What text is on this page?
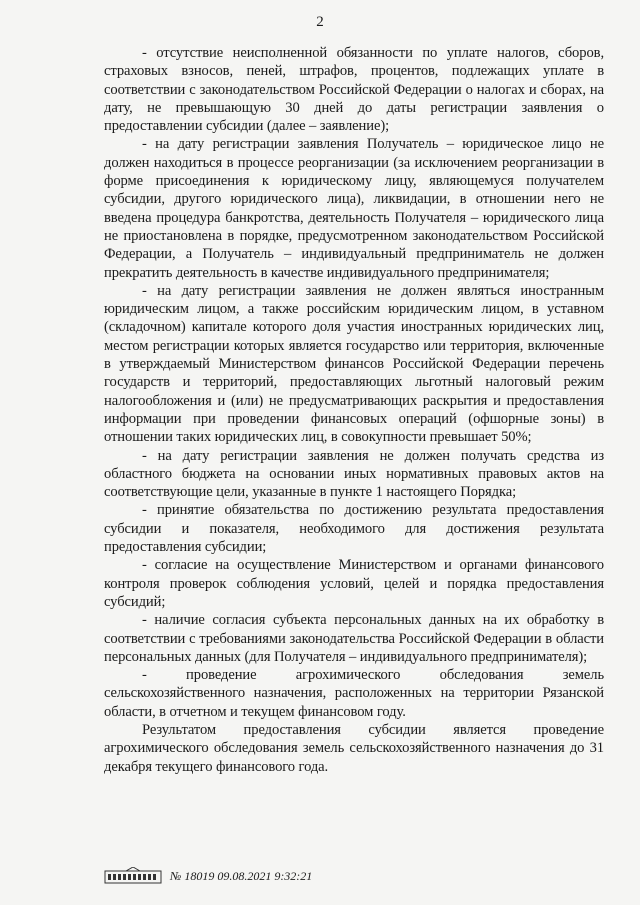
2

- отсутствие неисполненной обязанности по уплате налогов, сборов, страховых взносов, пеней, штрафов, процентов, подлежащих уплате в соответствии с законодательством Российской Федерации о налогах и сборах, на дату, не превышающую 30 дней до даты регистрации заявления о предоставлении субсидии (далее – заявление);

- на дату регистрации заявления Получатель – юридическое лицо не должен находиться в процессе реорганизации (за исключением реорганизации в форме присоединения к юридическому лицу, являющемуся получателем субсидии, другого юридического лица), ликвидации, в отношении него не введена процедура банкротства, деятельность Получателя – юридического лица не приостановлена в порядке, предусмотренном законодательством Российской Федерации, а Получатель – индивидуальный предприниматель не должен прекратить деятельность в качестве индивидуального предпринимателя;

- на дату регистрации заявления не должен являться иностранным юридическим лицом, а также российским юридическим лицом, в уставном (складочном) капитале которого доля участия иностранных юридических лиц, местом регистрации которых является государство или территория, включенные в утверждаемый Министерством финансов Российской Федерации перечень государств и территорий, предоставляющих льготный налоговый режим налогообложения и (или) не предусматривающих раскрытия и предоставления информации при проведении финансовых операций (офшорные зоны) в отношении таких юридических лиц, в совокупности превышает 50%;

- на дату регистрации заявления не должен получать средства из областного бюджета на основании иных нормативных правовых актов на соответствующие цели, указанные в пункте 1 настоящего Порядка;

- принятие обязательства по достижению результата предоставления субсидии и показателя, необходимого для достижения результата предоставления субсидии;

- согласие на осуществление Министерством и органами финансового контроля проверок соблюдения условий, целей и порядка предоставления субсидий;

- наличие согласия субъекта персональных данных на их обработку в соответствии с требованиями законодательства Российской Федерации в области персональных данных (для Получателя – индивидуального предпринимателя);

- проведение агрохимического обследования земель сельскохозяйственного назначения, расположенных на территории Рязанской области, в отчетном и текущем финансовом году.

Результатом предоставления субсидии является проведение агрохимического обследования земель сельскохозяйственного назначения до 31 декабря текущего финансового года.

№ 18019 09.08.2021 9:32:21
